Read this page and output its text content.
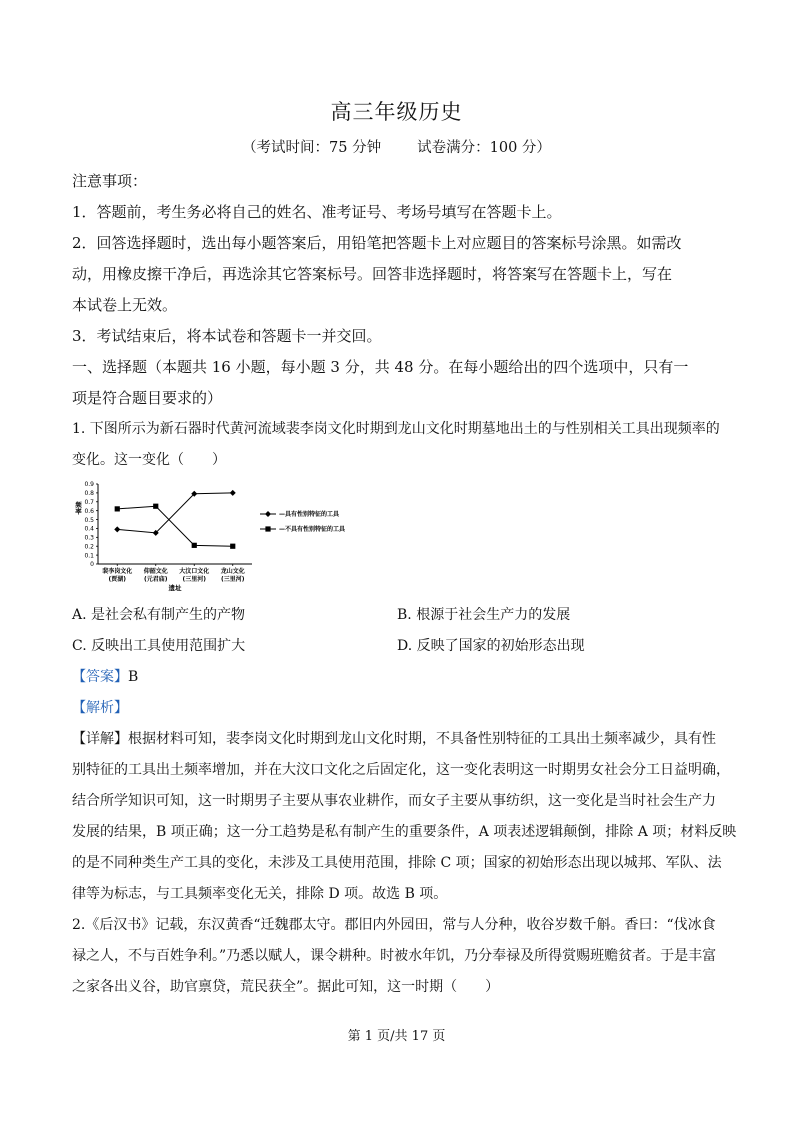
高三年级历史
（考试时间：75 分钟 试卷满分：100 分）
注意事项：
1．答题前，考生务必将自己的姓名、准考证号、考场号填写在答题卡上。
2．回答选择题时，选出每小题答案后，用铅笔把答题卡上对应题目的答案标号涂黑。如需改
动，用橡皮擦干净后，再选涂其它答案标号。回答非选择题时，将答案写在答题卡上，写在
本试卷上无效。
3．考试结束后，将本试卷和答题卡一并交回。
一、选择题（本题共 16 小题，每小题 3 分，共 48 分。在每小题给出的四个选项中，只有一
项是符合题目要求的）
1. 下图所示为新石器时代黄河流域裴李岗文化时期到龙山文化时期墓地出土的与性别相关工具出现频率的
变化。这一变化（　　）
0
0.1
0.2
0.3
0.4
0.5
0.6
0.7
0.8
0.9
频率
裴李岗文化
(贾湖)
仰韶文化
(元君庙)
大汶口文化
(三里河)
龙山文化
(三里河)
遗址
—具有性别特征的工具
—不具有性别特征的工具
A. 是社会私有制产生的产物	B. 根源于社会生产力的发展
C. 反映出工具使用范围扩大	D. 反映了国家的初始形态出现
【答案】B
【解析】
【详解】根据材料可知，裴李岗文化时期到龙山文化时期，不具备性别特征的工具出土频率减少，具有性
别特征的工具出土频率增加，并在大汶口文化之后固定化，这一变化表明这一时期男女社会分工日益明确，
结合所学知识可知，这一时期男子主要从事农业耕作，而女子主要从事纺织，这一变化是当时社会生产力
发展的结果，B 项正确；这一分工趋势是私有制产生的重要条件，A 项表述逻辑颠倒，排除 A 项；材料反映
的是不同种类生产工具的变化，未涉及工具使用范围，排除 C 项；国家的初始形态出现以城邦、军队、法
律等为标志，与工具频率变化无关，排除 D 项。故选 B 项。
2.《后汉书》记载，东汉黄香“迁魏郡太守。郡旧内外园田，常与人分种，收谷岁数千斛。香曰：“伐冰食
禄之人，不与百姓争利。”乃悉以赋人，课令耕种。时被水年饥，乃分奉禄及所得赏赐班赡贫者。于是丰富
之家各出义谷，助官禀贷，荒民获全”。据此可知，这一时期（　　）
第 1 页/共 17 页
